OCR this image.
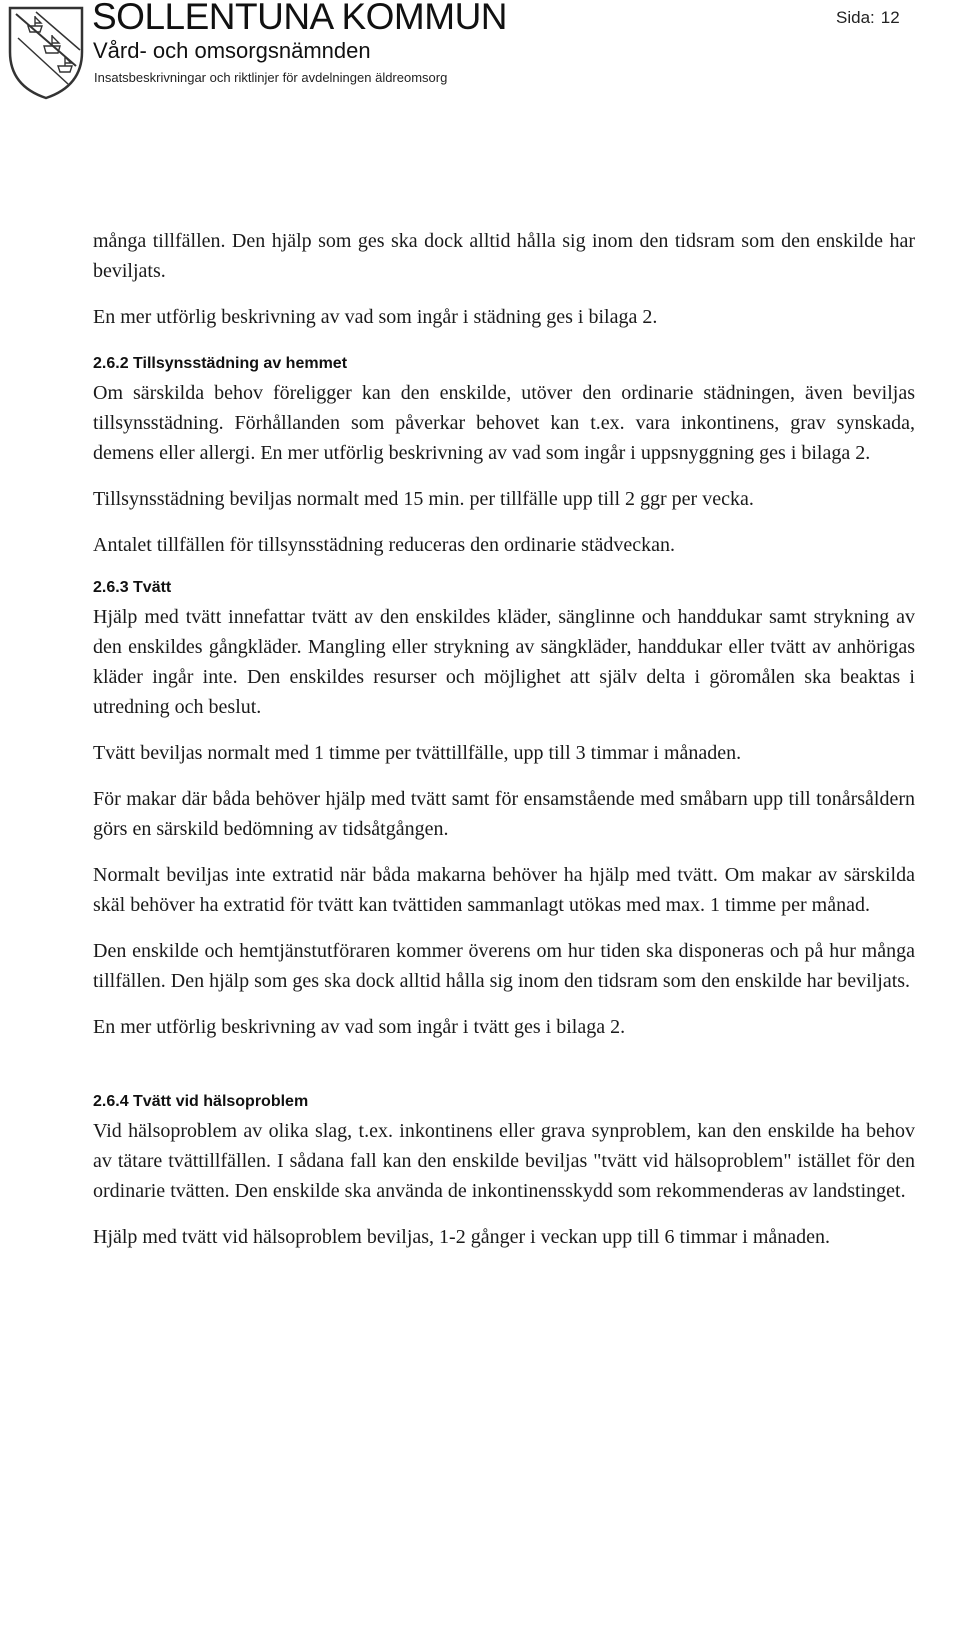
SOLLENTUNA KOMMUN
Vård- och omsorgsnämnden
Insatsbeskrivningar och riktlinjer för avdelningen äldreomsorg
Sida: 12

många tillfällen. Den hjälp som ges ska dock alltid hålla sig inom den tidsram som den enskilde har beviljats.

En mer utförlig beskrivning av vad som ingår i städning ges i bilaga 2.

2.6.2 Tillsynsstädning av hemmet

Om särskilda behov föreligger kan den enskilde, utöver den ordinarie städningen, även beviljas tillsynsstädning. Förhållanden som påverkar behovet kan t.ex. vara inkontinens, grav synskada, demens eller allergi. En mer utförlig beskrivning av vad som ingår i uppsnyggning ges i bilaga 2.

Tillsynsstädning beviljas normalt med 15 min. per tillfälle upp till 2 ggr per vecka.

Antalet tillfällen för tillsynsstädning reduceras den ordinarie städveckan.

2.6.3 Tvätt

Hjälp med tvätt innefattar tvätt av den enskildes kläder, sänglinne och handdukar samt strykning av den enskildes gångkläder. Mangling eller strykning av sängkläder, handdukar eller tvätt av anhörigas kläder ingår inte. Den enskildes resurser och möjlighet att själv delta i göromålen ska beaktas i utredning och beslut.

Tvätt beviljas normalt med 1 timme per tvättillfälle, upp till 3 timmar i månaden.

För makar där båda behöver hjälp med tvätt samt för ensamstående med småbarn upp till tonårsåldern görs en särskild bedömning av tidsåtgången.

Normalt beviljas inte extratid när båda makarna behöver ha hjälp med tvätt. Om makar av särskilda skäl behöver ha extratid för tvätt kan tvättiden sammanlagt utökas med max. 1 timme per månad.

Den enskilde och hemtjänstutföraren kommer överens om hur tiden ska disponeras och på hur många tillfällen. Den hjälp som ges ska dock alltid hålla sig inom den tidsram som den enskilde har beviljats.

En mer utförlig beskrivning av vad som ingår i tvätt ges i bilaga 2.

2.6.4 Tvätt vid hälsoproblem

Vid hälsoproblem av olika slag, t.ex. inkontinens eller grava synproblem, kan den enskilde ha behov av tätare tvättillfällen. I sådana fall kan den enskilde beviljas "tvätt vid hälsoproblem" istället för den ordinarie tvätten. Den enskilde ska använda de inkontinensskydd som rekommenderas av landstinget.

Hjälp med tvätt vid hälsoproblem beviljas, 1-2 gånger i veckan upp till 6 timmar i månaden.
